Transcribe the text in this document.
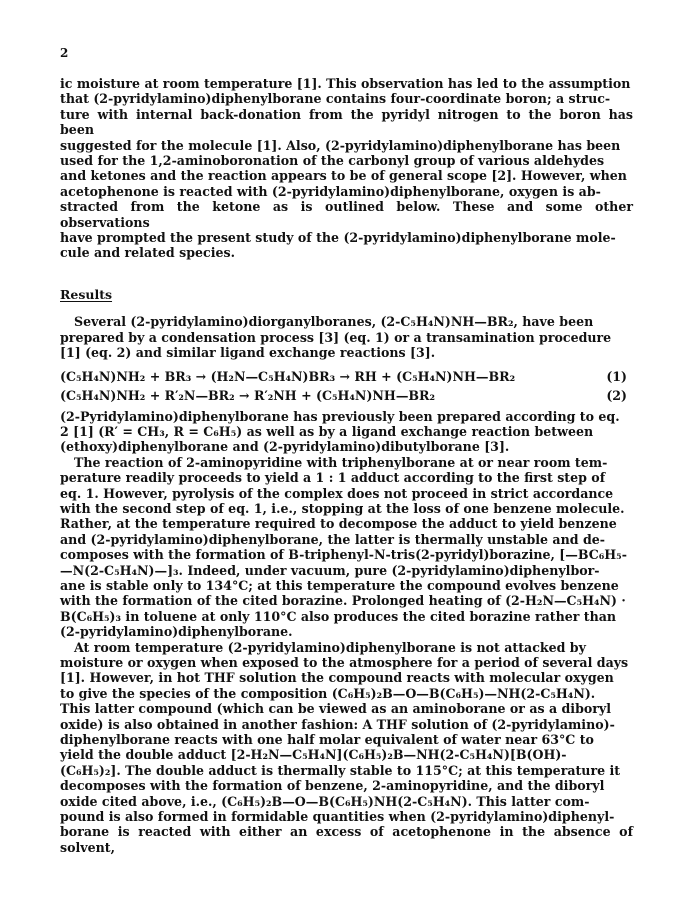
2
ic moisture at room temperature [1]. This observation has led to the assumption
that (2-pyridylamino)diphenylborane contains four-coordinate boron; a struc-
ture with internal back-donation from the pyridyl nitrogen to the boron has been
suggested for the molecule [1]. Also, (2-pyridylamino)diphenylborane has been
used for the 1,2-aminoboronation of the carbonyl group of various aldehydes
and ketones and the reaction appears to be of general scope [2]. However, when
acetophenone is reacted with (2-pyridylamino)diphenylborane, oxygen is ab-
stracted from the ketone as is outlined below. These and some other observations
have prompted the present study of the (2-pyridylamino)diphenylborane mole-
cule and related species.
Results
Several (2-pyridylamino)diorganylboranes, (2-C₅H₄N)NH—BR₂, have been
prepared by a condensation process [3] (eq. 1) or a transamination procedure
[1] (eq. 2) and similar ligand exchange reactions [3].
(C₅H₄N)NH₂ + BR₃ → (H₂N—C₅H₄N)BR₃ → RH + (C₅H₄N)NH—BR₂	(1)
(C₅H₄N)NH₂ + R′₂N—BR₂ → R′₂NH + (C₅H₄N)NH—BR₂	(2)
(2-Pyridylamino)diphenylborane has previously been prepared according to eq.
2 [1] (R′ = CH₃, R = C₆H₅) as well as by a ligand exchange reaction between
(ethoxy)diphenylborane and (2-pyridylamino)dibutylborane [3].
The reaction of 2-aminopyridine with triphenylborane at or near room tem-
perature readily proceeds to yield a 1 : 1 adduct according to the first step of
eq. 1. However, pyrolysis of the complex does not proceed in strict accordance
with the second step of eq. 1, i.e., stopping at the loss of one benzene molecule.
Rather, at the temperature required to decompose the adduct to yield benzene
and (2-pyridylamino)diphenylborane, the latter is thermally unstable and de-
composes with the formation of B-triphenyl-N-tris(2-pyridyl)borazine, [—BC₆H₅-
—N(2-C₅H₄N)—]₃. Indeed, under vacuum, pure (2-pyridylamino)diphenylbor-
ane is stable only to 134°C; at this temperature the compound evolves benzene
with the formation of the cited borazine. Prolonged heating of (2-H₂N—C₅H₄N) ·
B(C₆H₅)₃ in toluene at only 110°C also produces the cited borazine rather than
(2-pyridylamino)diphenylborane.
At room temperature (2-pyridylamino)diphenylborane is not attacked by
moisture or oxygen when exposed to the atmosphere for a period of several days
[1]. However, in hot THF solution the compound reacts with molecular oxygen
to give the species of the composition (C₆H₅)₂B—O—B(C₆H₅)—NH(2-C₅H₄N).
This latter compound (which can be viewed as an aminoborane or as a diboryl
oxide) is also obtained in another fashion: A THF solution of (2-pyridylamino)-
diphenylborane reacts with one half molar equivalent of water near 63°C to
yield the double adduct [2-H₂N—C₅H₄N](C₆H₅)₂B—NH(2-C₅H₄N)[B(OH)-
(C₆H₅)₂]. The double adduct is thermally stable to 115°C; at this temperature it
decomposes with the formation of benzene, 2-aminopyridine, and the diboryl
oxide cited above, i.e., (C₆H₅)₂B—O—B(C₆H₅)NH(2-C₅H₄N). This latter com-
pound is also formed in formidable quantities when (2-pyridylamino)diphenyl-
borane is reacted with either an excess of acetophenone in the absence of solvent,
